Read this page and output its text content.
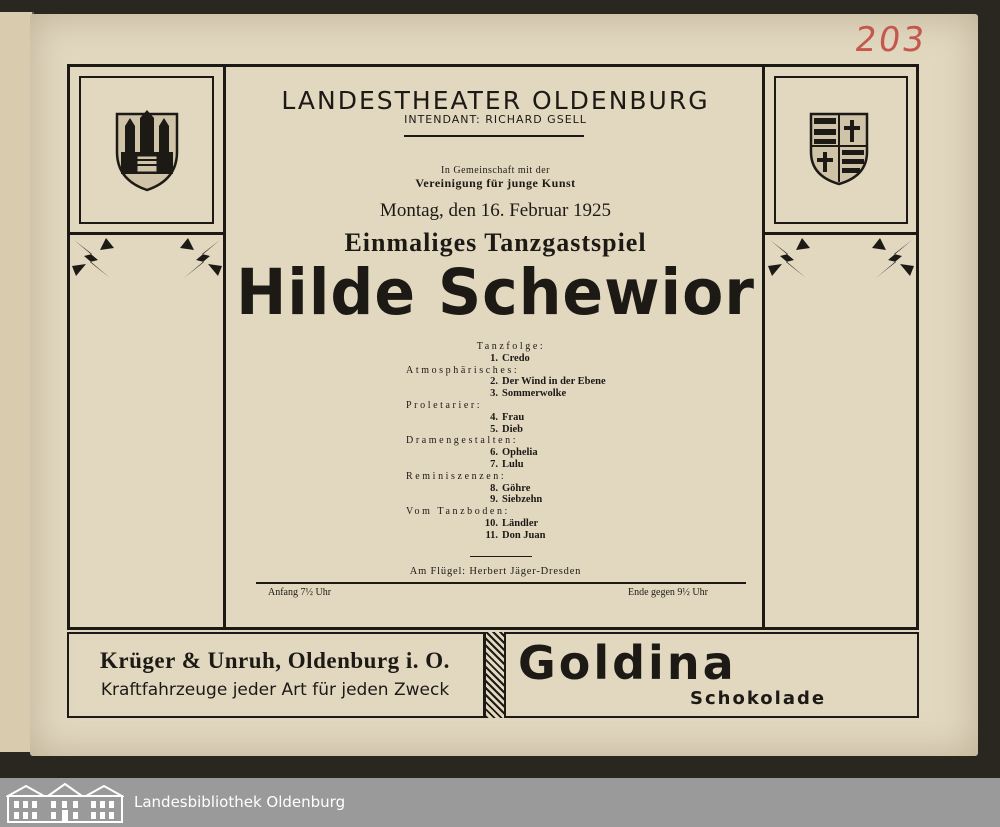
203
LANDESTHEATER OLDENBURG
INTENDANT: RICHARD GSELL
In Gemeinschaft mit der
Vereinigung für junge Kunst
Montag, den 16. Februar 1925
Einmaliges Tanzgastspiel
Hilde Schewior
Tanzfolge:
1. Credo
Atmosphärisches:
2. Der Wind in der Ebene
3. Sommerwolke
Proletarier:
4. Frau
5. Dieb
Dramengestalten:
6. Ophelia
7. Lulu
Reminiszenzen:
8. Göhre
9. Siebzehn
Vom Tanzboden:
10. Ländler
11. Don Juan
Am Flügel: Herbert Jäger-Dresden
Anfang 7½ Uhr	Ende gegen 9½ Uhr
Krüger & Unruh, Oldenburg i. O.
Kraftfahrzeuge jeder Art für jeden Zweck	Goldina
Schokolade
Landesbibliothek Oldenburg
